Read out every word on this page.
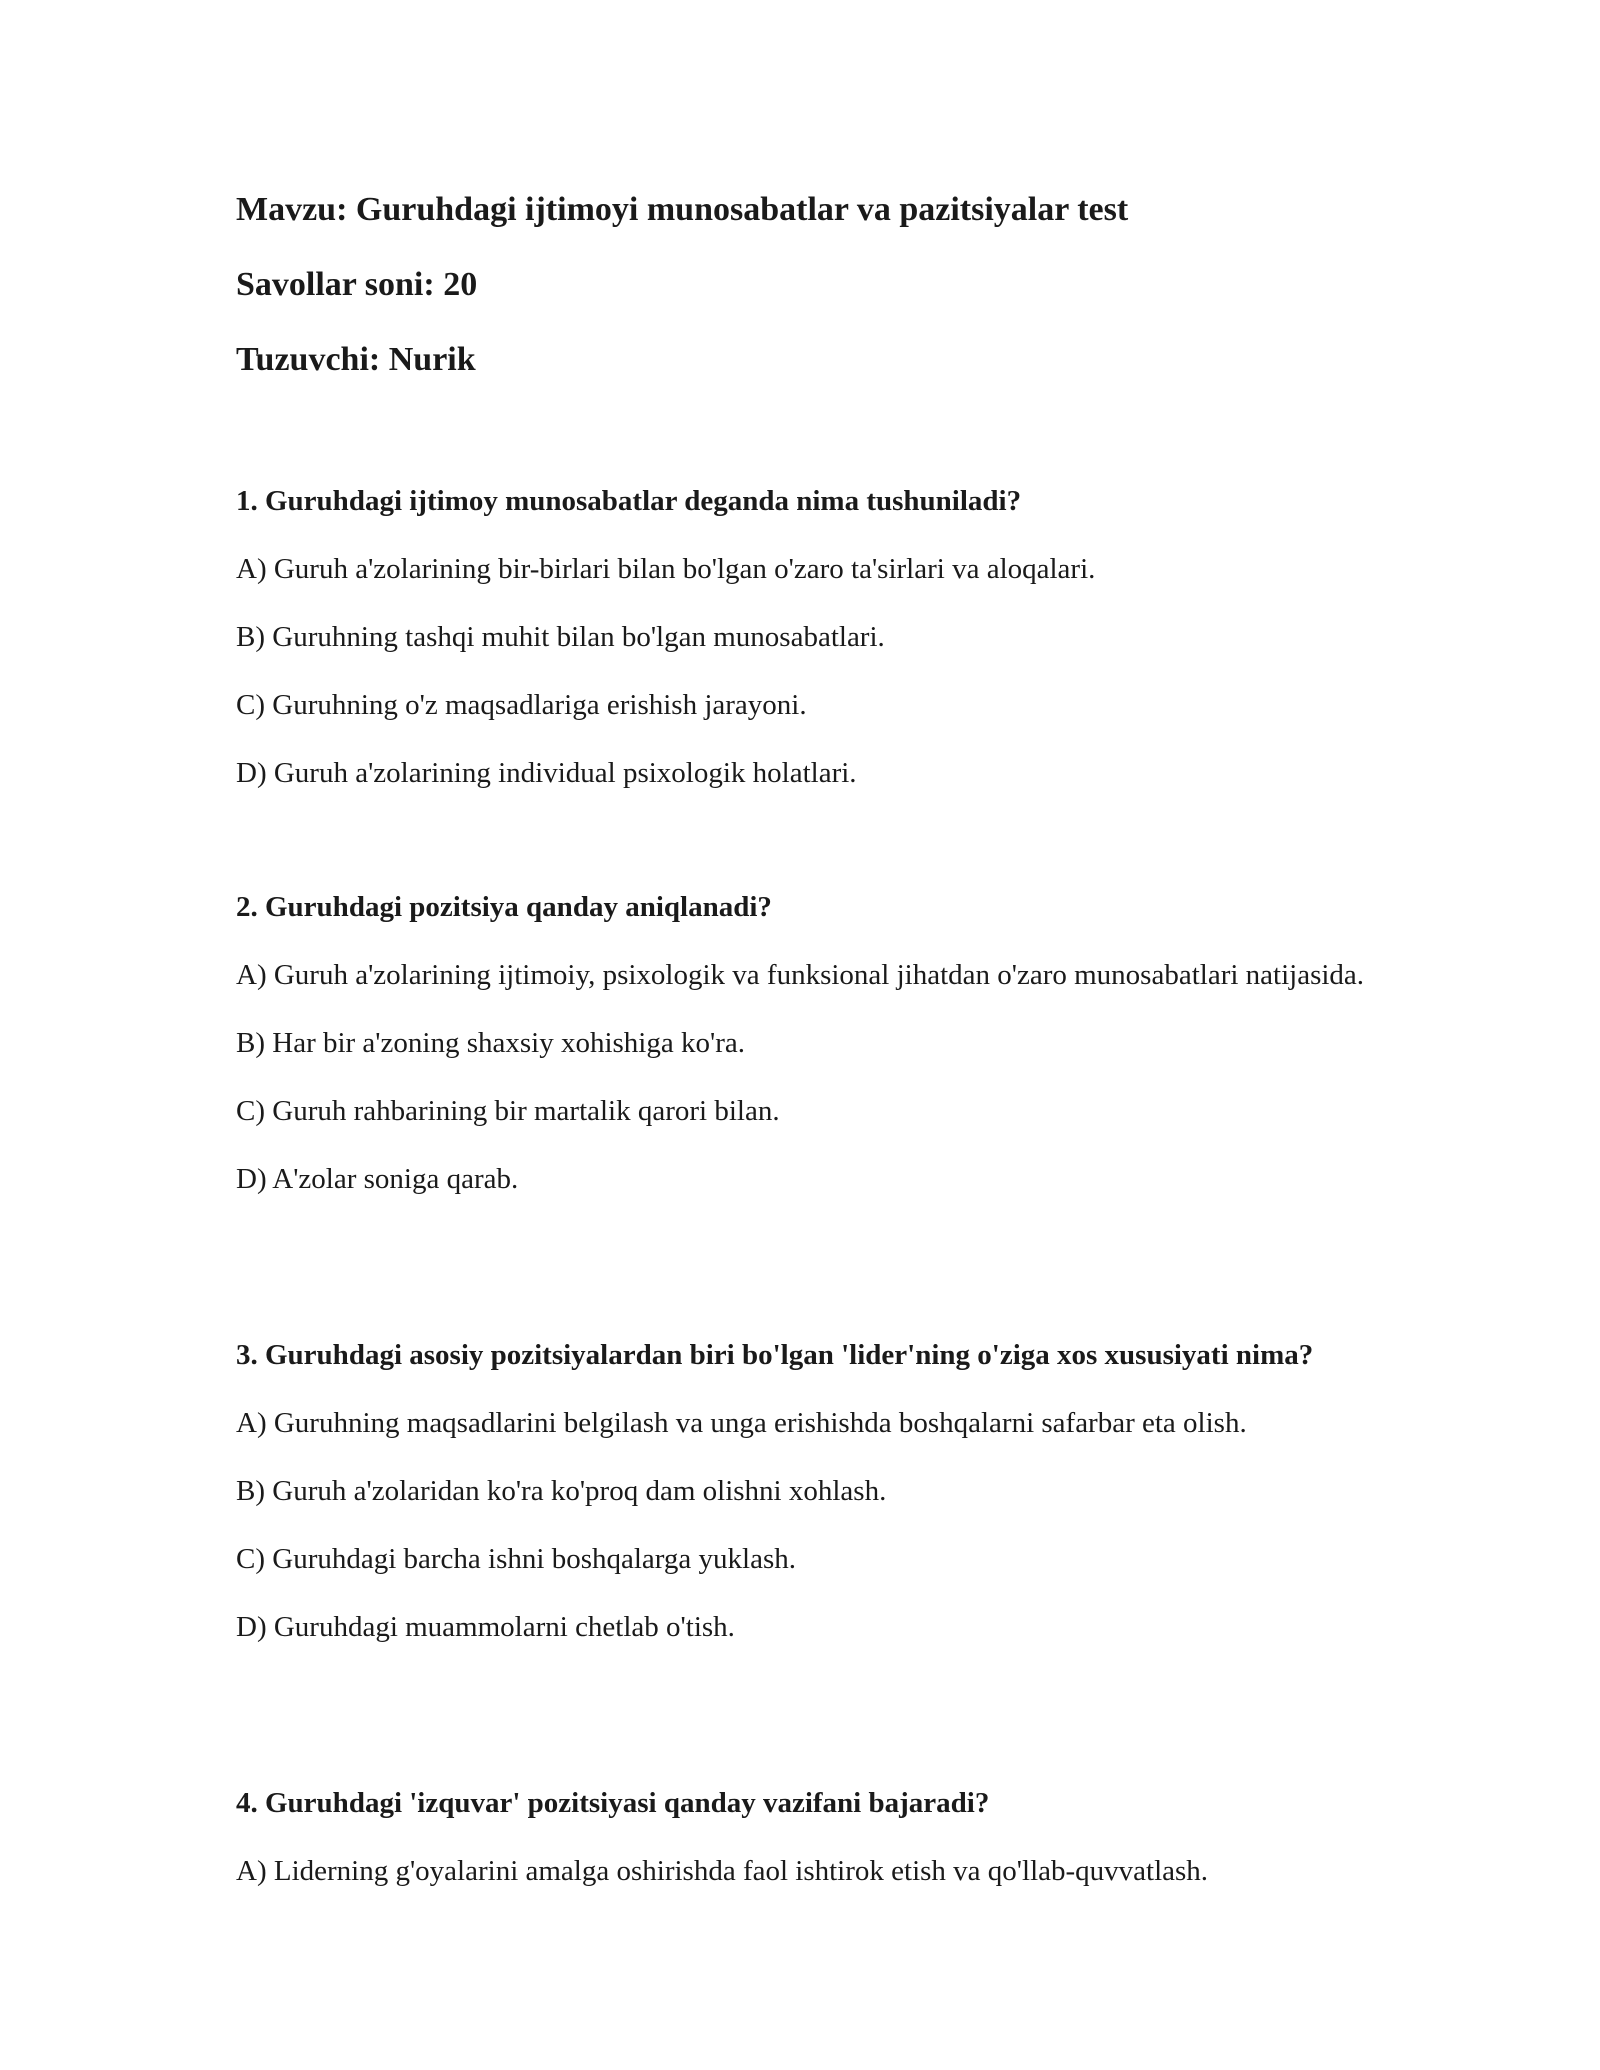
Mavzu: Guruhdagi ijtimoyi munosabatlar va pazitsiyalar test
Savollar soni: 20
Tuzuvchi: Nurik

1. Guruhdagi ijtimoy munosabatlar deganda nima tushuniladi?

A) Guruh a'zolarining bir-birlari bilan bo'lgan o'zaro ta'sirlari va aloqalari.

B) Guruhning tashqi muhit bilan bo'lgan munosabatlari.

C) Guruhning o'z maqsadlariga erishish jarayoni.

D) Guruh a'zolarining individual psixologik holatlari.

2. Guruhdagi pozitsiya qanday aniqlanadi?

A) Guruh a'zolarining ijtimoiy, psixologik va funksional jihatdan o'zaro munosabatlari natijasida.

B) Har bir a'zoning shaxsiy xohishiga ko'ra.

C) Guruh rahbarining bir martalik qarori bilan.

D) A'zolar soniga qarab.

3. Guruhdagi asosiy pozitsiyalardan biri bo'lgan 'lider'ning o'ziga xos xususiyati nima?

A) Guruhning maqsadlarini belgilash va unga erishishda boshqalarni safarbar eta olish.

B) Guruh a'zolaridan ko'ra ko'proq dam olishni xohlash.

C) Guruhdagi barcha ishni boshqalarga yuklash.

D) Guruhdagi muammolarni chetlab o'tish.

4. Guruhdagi 'izquvar' pozitsiyasi qanday vazifani bajaradi?

A) Liderning g'oyalarini amalga oshirishda faol ishtirok etish va qo'llab-quvvatlash.
